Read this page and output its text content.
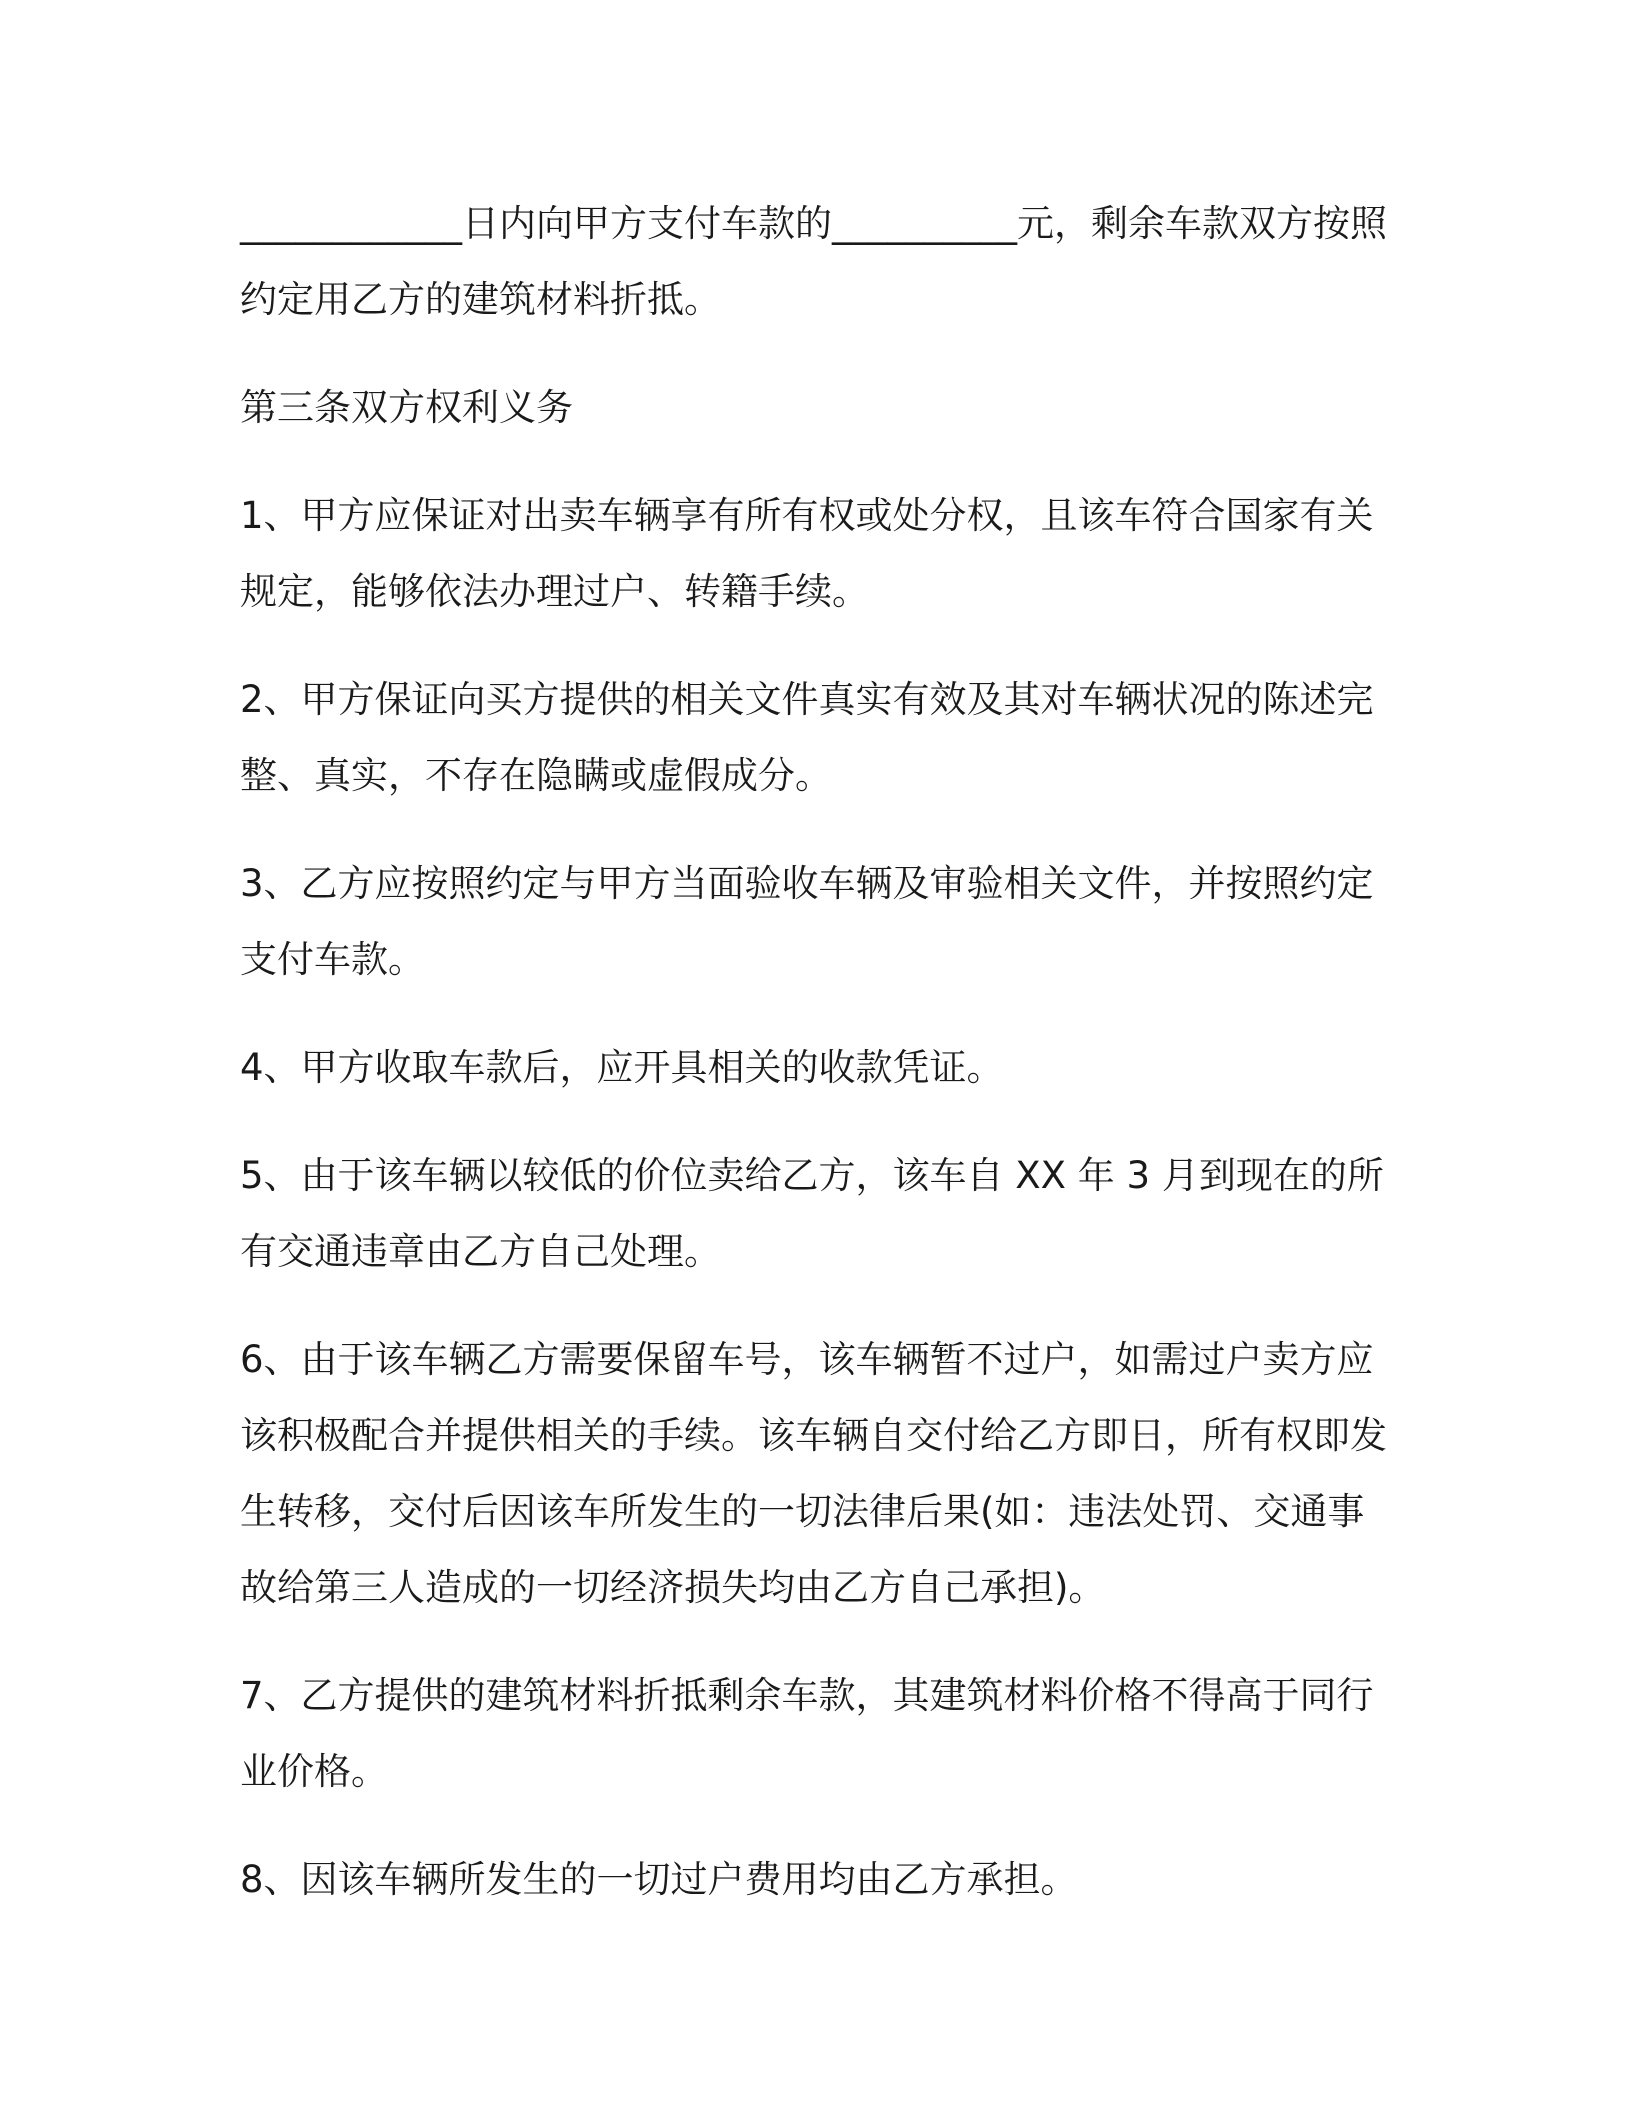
____________日内向甲方支付车款的__________元，剩余车款双方按照约定用乙方的建筑材料折抵。

第三条双方权利义务

1、甲方应保证对出卖车辆享有所有权或处分权，且该车符合国家有关规定，能够依法办理过户、转籍手续。

2、甲方保证向买方提供的相关文件真实有效及其对车辆状况的陈述完整、真实，不存在隐瞒或虚假成分。

3、乙方应按照约定与甲方当面验收车辆及审验相关文件，并按照约定支付车款。

4、甲方收取车款后，应开具相关的收款凭证。

5、由于该车辆以较低的价位卖给乙方，该车自 XX 年 3 月到现在的所有交通违章由乙方自己处理。

6、由于该车辆乙方需要保留车号，该车辆暂不过户，如需过户卖方应该积极配合并提供相关的手续。该车辆自交付给乙方即日，所有权即发生转移，交付后因该车所发生的一切法律后果(如：违法处罚、交通事故给第三人造成的一切经济损失均由乙方自己承担)。

7、乙方提供的建筑材料折抵剩余车款，其建筑材料价格不得高于同行业价格。

8、因该车辆所发生的一切过户费用均由乙方承担。
